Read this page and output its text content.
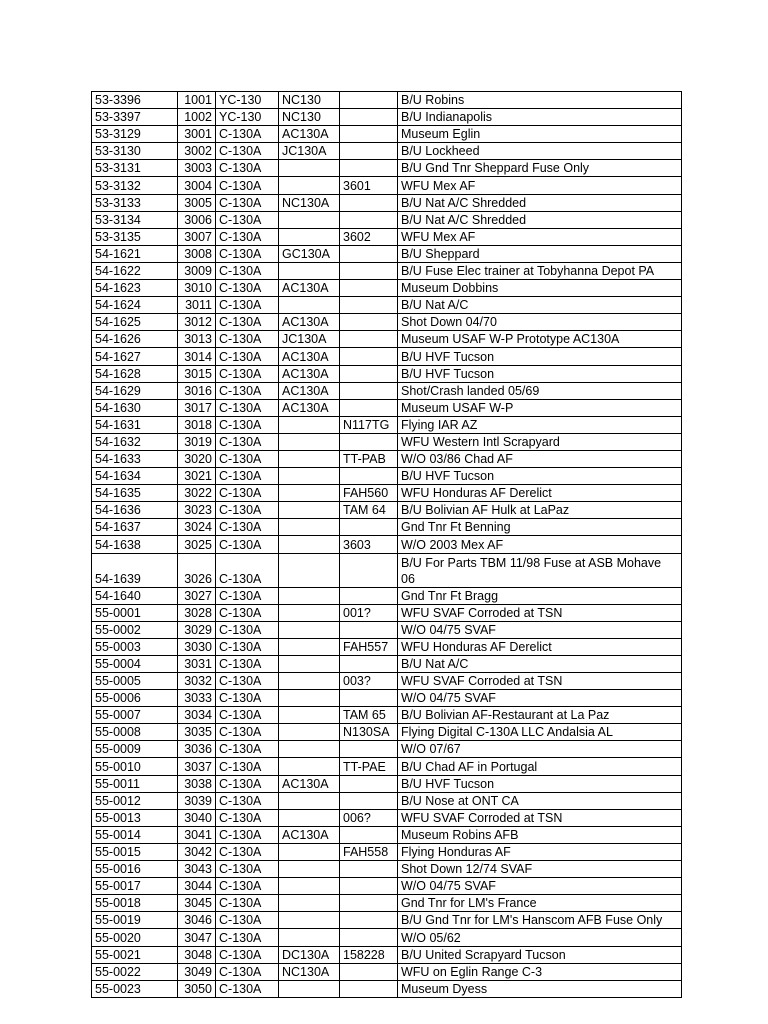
53-3396	1001	YC-130	NC130		B/U Robins
53-3397	1002	YC-130	NC130		B/U Indianapolis
53-3129	3001	C-130A	AC130A		Museum Eglin
53-3130	3002	C-130A	JC130A		B/U Lockheed
53-3131	3003	C-130A			B/U Gnd Tnr Sheppard Fuse Only
53-3132	3004	C-130A		3601	WFU Mex AF
53-3133	3005	C-130A	NC130A		B/U Nat A/C Shredded
53-3134	3006	C-130A			B/U Nat A/C Shredded
53-3135	3007	C-130A		3602	WFU Mex AF
54-1621	3008	C-130A	GC130A		B/U Sheppard
54-1622	3009	C-130A			B/U Fuse Elec trainer at Tobyhanna Depot PA
54-1623	3010	C-130A	AC130A		Museum Dobbins
54-1624	3011	C-130A			B/U Nat A/C
54-1625	3012	C-130A	AC130A		Shot Down 04/70
54-1626	3013	C-130A	JC130A		Museum USAF W-P Prototype AC130A
54-1627	3014	C-130A	AC130A		B/U HVF Tucson
54-1628	3015	C-130A	AC130A		B/U HVF Tucson
54-1629	3016	C-130A	AC130A		Shot/Crash landed 05/69
54-1630	3017	C-130A	AC130A		Museum USAF W-P
54-1631	3018	C-130A		N117TG	Flying IAR AZ
54-1632	3019	C-130A			WFU Western Intl Scrapyard
54-1633	3020	C-130A		TT-PAB	W/O 03/86 Chad AF
54-1634	3021	C-130A			B/U HVF Tucson
54-1635	3022	C-130A		FAH560	WFU Honduras AF Derelict
54-1636	3023	C-130A		TAM 64	B/U Bolivian AF Hulk at LaPaz
54-1637	3024	C-130A			Gnd Tnr Ft Benning
54-1638	3025	C-130A		3603	W/O 2003 Mex AF
54-1639	3026	C-130A			B/U For Parts TBM 11/98 Fuse at ASB Mohave 06
54-1640	3027	C-130A			Gnd Tnr Ft Bragg
55-0001	3028	C-130A		001?	WFU SVAF Corroded at TSN
55-0002	3029	C-130A			W/O 04/75 SVAF
55-0003	3030	C-130A		FAH557	WFU Honduras AF Derelict
55-0004	3031	C-130A			B/U Nat A/C
55-0005	3032	C-130A		003?	WFU SVAF Corroded at TSN
55-0006	3033	C-130A			W/O 04/75 SVAF
55-0007	3034	C-130A		TAM 65	B/U Bolivian AF-Restaurant at La Paz
55-0008	3035	C-130A		N130SA	Flying Digital C-130A LLC Andalsia AL
55-0009	3036	C-130A			W/O 07/67
55-0010	3037	C-130A		TT-PAE	B/U Chad AF in Portugal
55-0011	3038	C-130A	AC130A		B/U HVF Tucson
55-0012	3039	C-130A			B/U Nose at ONT CA
55-0013	3040	C-130A		006?	WFU SVAF Corroded at TSN
55-0014	3041	C-130A	AC130A		Museum Robins AFB
55-0015	3042	C-130A		FAH558	Flying Honduras AF
55-0016	3043	C-130A			Shot Down 12/74 SVAF
55-0017	3044	C-130A			W/O 04/75 SVAF
55-0018	3045	C-130A			Gnd Tnr for LM's France
55-0019	3046	C-130A			B/U Gnd Tnr for LM's Hanscom AFB Fuse Only
55-0020	3047	C-130A			W/O 05/62
55-0021	3048	C-130A	DC130A	158228	B/U United Scrapyard Tucson
55-0022	3049	C-130A	NC130A		WFU on Eglin Range C-3
55-0023	3050	C-130A			Museum Dyess
